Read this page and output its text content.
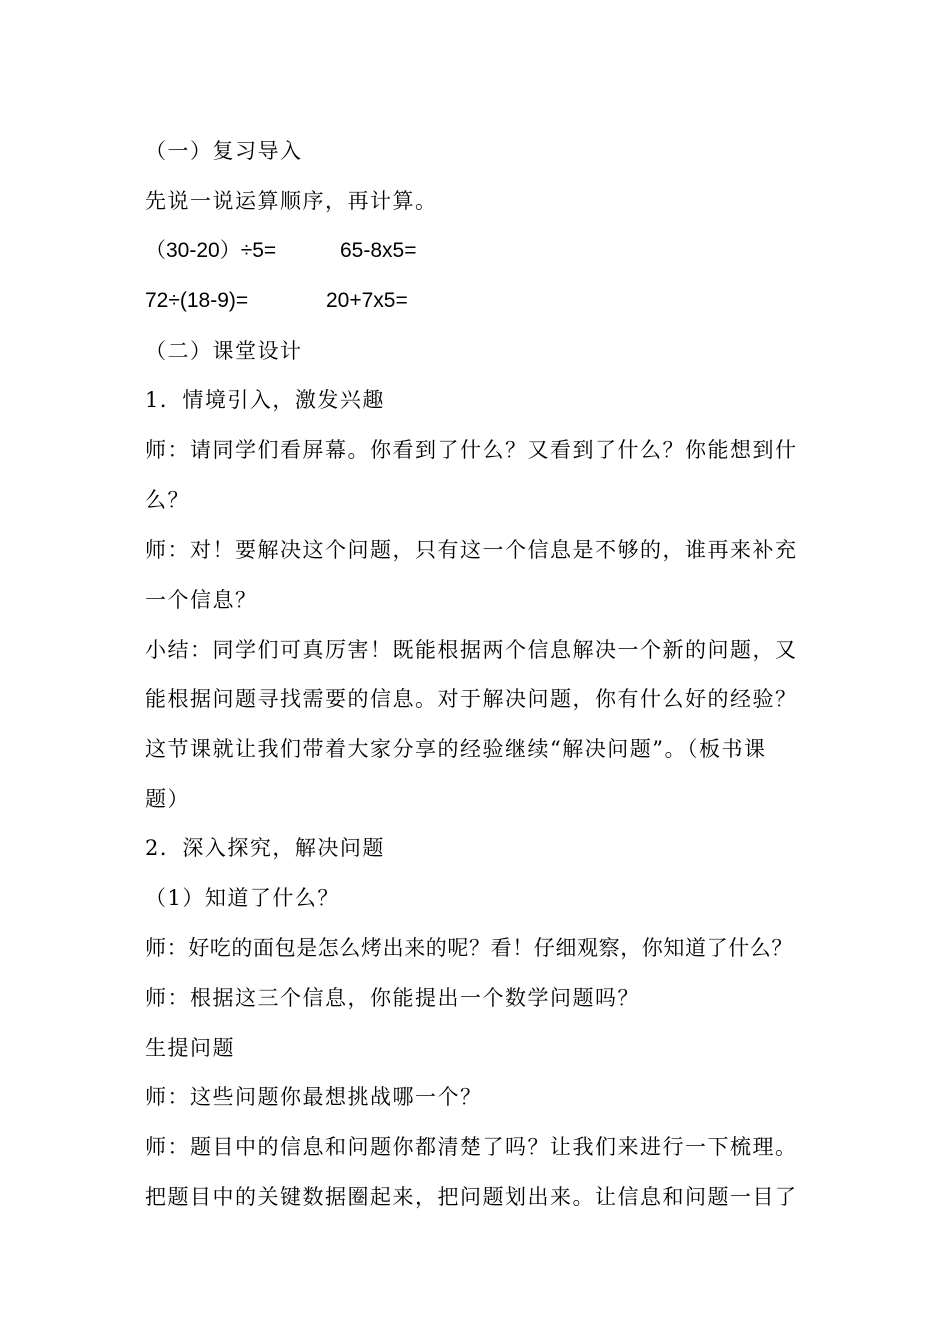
（一）复习导入
先说一说运算顺序，再计算。
（30-20）÷5=	65-8x5=
72÷(18-9)=	20+7x5=
（二）课堂设计
1．情境引入，激发兴趣
师：请同学们看屏幕。你看到了什么？又看到了什么？你能想到什
么？
师：对！要解决这个问题，只有这一个信息是不够的，谁再来补充
一个信息？
小结：同学们可真厉害！既能根据两个信息解决一个新的问题，又
能根据问题寻找需要的信息。对于解决问题，你有什么好的经验？
这节课就让我们带着大家分享的经验继续“解决问题”。（板书课
题）
2．深入探究，解决问题
（1）知道了什么？
师：好吃的面包是怎么烤出来的呢？看！仔细观察，你知道了什么？
师：根据这三个信息，你能提出一个数学问题吗？
生提问题
师：这些问题你最想挑战哪一个？
师：题目中的信息和问题你都清楚了吗？让我们来进行一下梳理。
把题目中的关键数据圈起来，把问题划出来。让信息和问题一目了
